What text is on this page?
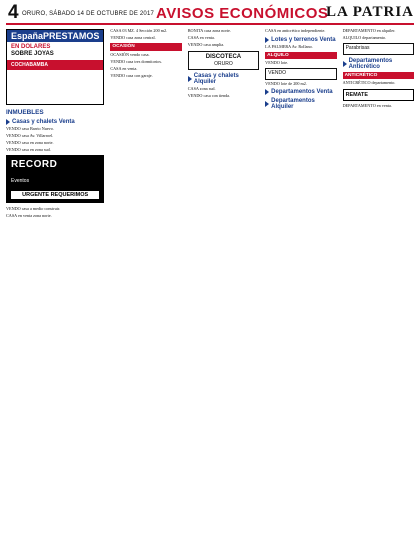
4 ORURO, SÁBADO 14 DE OCTUBRE DE 2017 AVISOS ECONÓMICOS
LA PATRIA
España PRESTAMOS
EN DOLARES
SOBRE JOYAS
COCHABAMBA
INMUEBLES
Casas y chalets Venta
VENDO casa Barrio Nuevo.
VENDO casa Av. Villarroel.
VENDO casa en zona norte.
VENDO casa en zona sud.
RECORD
Eventos
URGENTE REQUERIMOS
VENDO casa a medio construir.
CASA en venta zona norte.
CASA 03 MZ. 4 Sección 200 m2.
VENDO casa zona central.
OCASIÓN
OCASIÓN vendo casa.
VENDO casa tres dormitorios.
CASA en venta.
VENDO casa con garaje.
BONITA casa zona norte.
CASA en venta.
VENDO casa amplia.
DISCOTECA
ORURO
Casas y chalets Alquiler
CASA zona sud.
VENDO casa con tienda.
CASA en anticrético independiente.
Lotes y terrenos Venta
LA PALMERA Av. Rollano.
ALQUILO
VENDO lote.
VENDO
VENDO lote de 200 m2.
Departamentos Venta
Departamentos Alquiler
DEPARTAMENTO en alquiler.
ALQUILO departamento.
Parabrisas
Departamentos Anticrético
ANTICRÉTICO
ANTICRÉTICO departamento.
REMATE
DEPARTAMENTO en venta.
